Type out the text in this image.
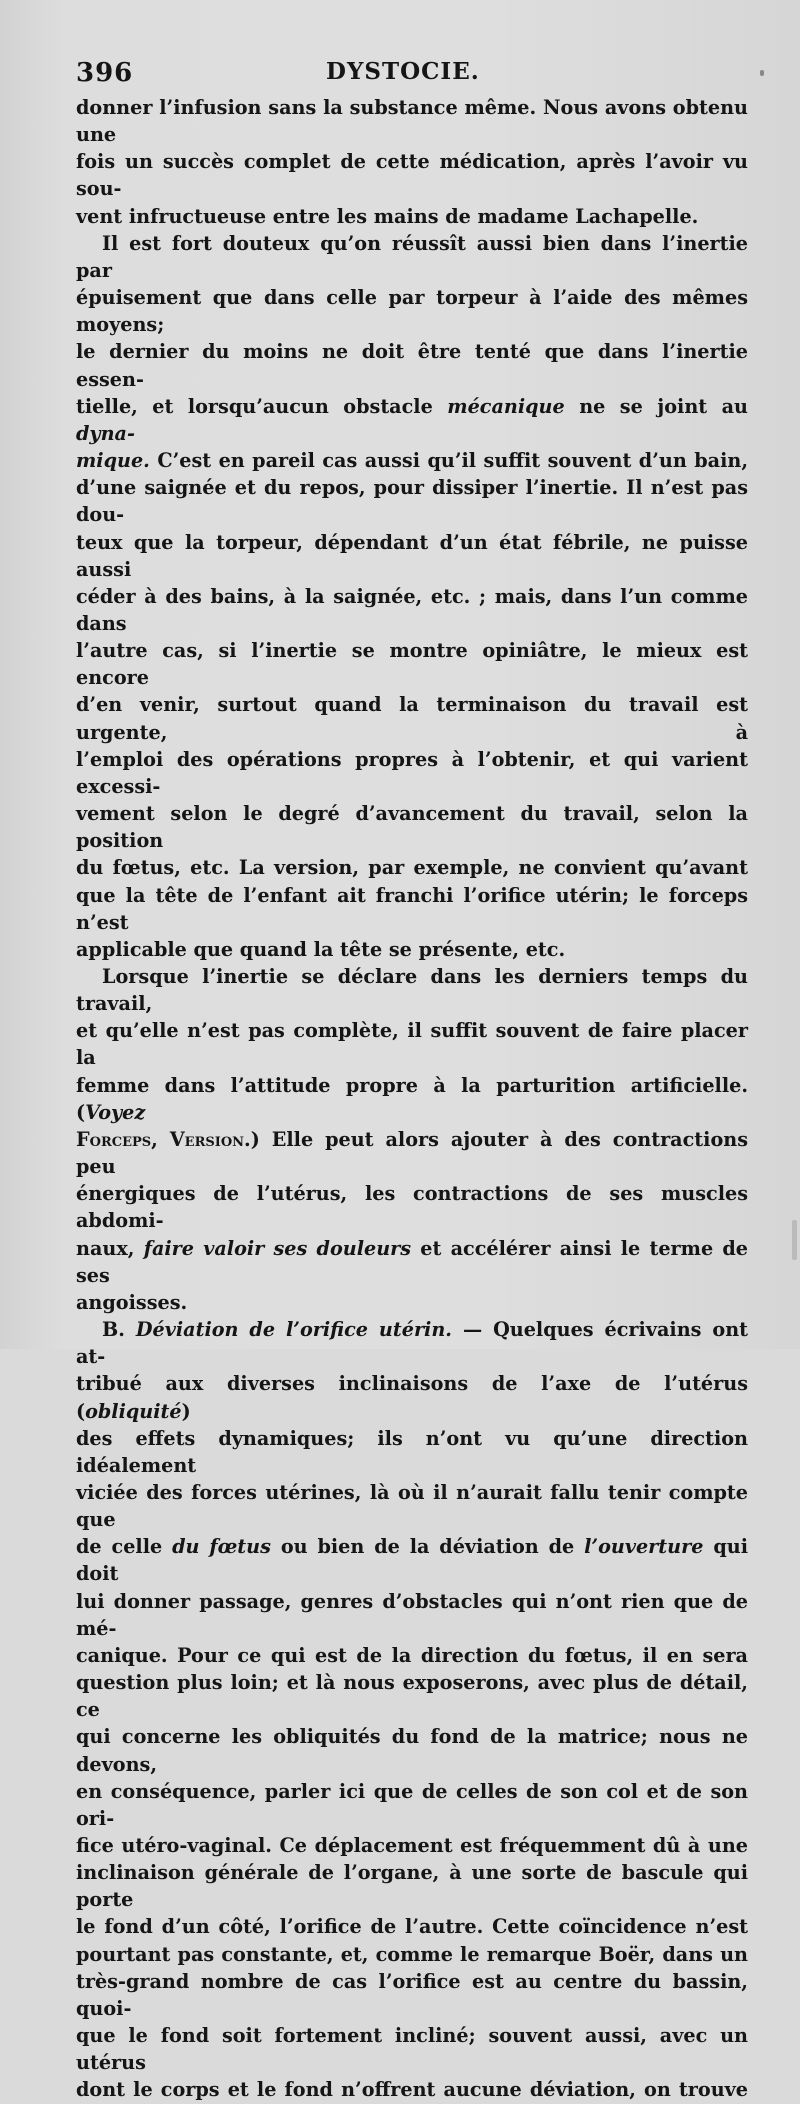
396	DYSTOCIE.

donner l’infusion sans la substance même. Nous avons obtenu une

fois un succès complet de cette médication, après l’avoir vu sou-

vent infructueuse entre les mains de madame Lachapelle.

Il est fort douteux qu’on réussît aussi bien dans l’inertie par

épuisement que dans celle par torpeur à l’aide des mêmes moyens;

le dernier du moins ne doit être tenté que dans l’inertie essen-

tielle, et lorsqu’aucun obstacle mécanique ne se joint au dyna-

mique. C’est en pareil cas aussi qu’il suffit souvent d’un bain,

d’une saignée et du repos, pour dissiper l’inertie. Il n’est pas dou-

teux que la torpeur, dépendant d’un état fébrile, ne puisse aussi

céder à des bains, à la saignée, etc. ; mais, dans l’un comme dans

l’autre cas, si l’inertie se montre opiniâtre, le mieux est encore

d’en venir, surtout quand la terminaison du travail est urgente, à

l’emploi des opérations propres à l’obtenir, et qui varient excessi-

vement selon le degré d’avancement du travail, selon la position

du fœtus, etc. La version, par exemple, ne convient qu’avant

que la tête de l’enfant ait franchi l’orifice utérin; le forceps n’est

applicable que quand la tête se présente, etc.

Lorsque l’inertie se déclare dans les derniers temps du travail,

et qu’elle n’est pas complète, il suffit souvent de faire placer la

femme dans l’attitude propre à la parturition artificielle. (Voyez

Forceps, Version.) Elle peut alors ajouter à des contractions peu

énergiques de l’utérus, les contractions de ses muscles abdomi-

naux, faire valoir ses douleurs et accélérer ainsi le terme de ses

angoisses.

B. Déviation de l’orifice utérin. — Quelques écrivains ont at-

tribué aux diverses inclinaisons de l’axe de l’utérus (obliquité)

des effets dynamiques; ils n’ont vu qu’une direction idéalement

viciée des forces utérines, là où il n’aurait fallu tenir compte que

de celle du fœtus ou bien de la déviation de l’ouverture qui doit

lui donner passage, genres d’obstacles qui n’ont rien que de mé-

canique. Pour ce qui est de la direction du fœtus, il en sera

question plus loin; et là nous exposerons, avec plus de détail, ce

qui concerne les obliquités du fond de la matrice; nous ne devons,

en conséquence, parler ici que de celles de son col et de son ori-

fice utéro-vaginal. Ce déplacement est fréquemment dû à une

inclinaison générale de l’organe, à une sorte de bascule qui porte

le fond d’un côté, l’orifice de l’autre. Cette coïncidence n’est

pourtant pas constante, et, comme le remarque Boër, dans un

très-grand nombre de cas l’orifice est au centre du bassin, quoi-

que le fond soit fortement incliné; souvent aussi, avec un utérus

dont le corps et le fond n’offrent aucune déviation, on trouve
